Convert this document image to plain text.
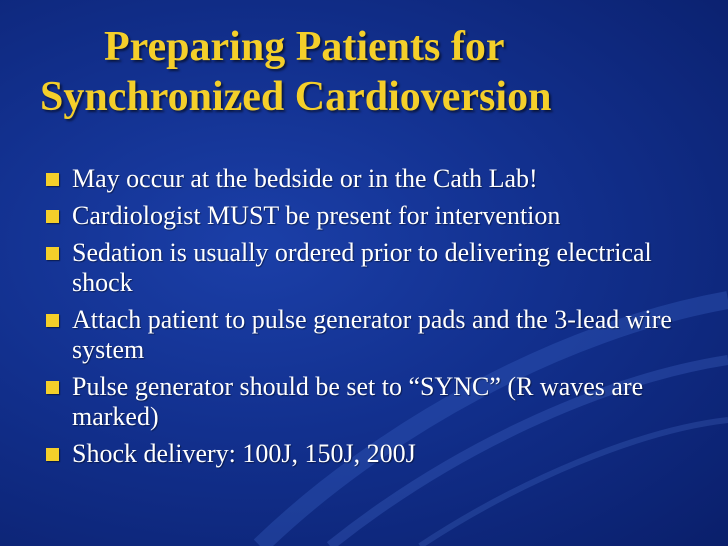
Preparing Patients for
Synchronized Cardioversion
May occur at the bedside or in the Cath Lab!
Cardiologist MUST be present for intervention
Sedation is usually ordered prior to delivering electrical shock
Attach patient to pulse generator pads and the 3-lead wire system
Pulse generator should be set to “SYNC” (R waves are marked)
Shock delivery: 100J, 150J, 200J
